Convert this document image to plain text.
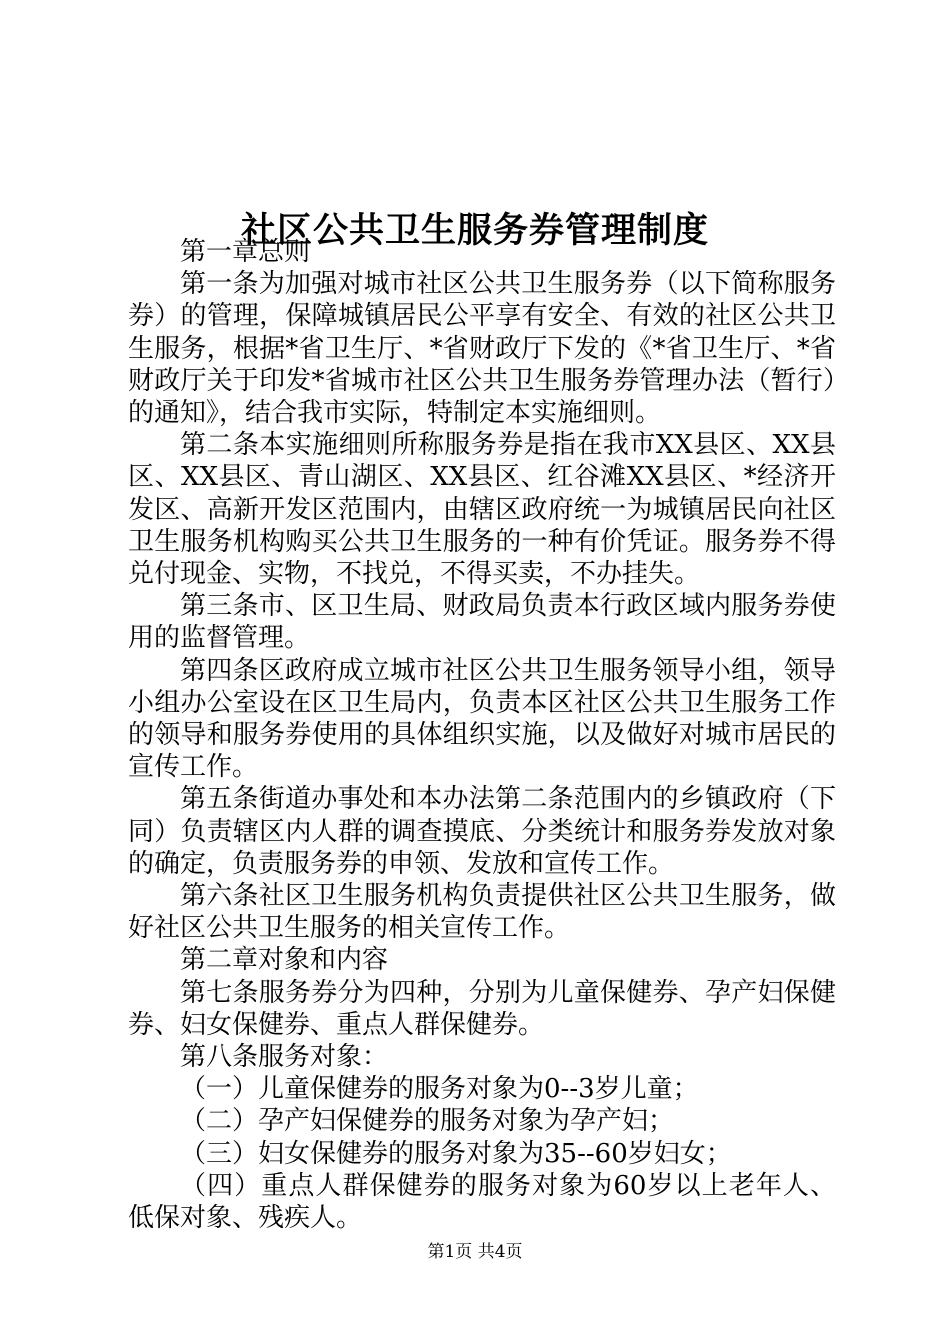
社区公共卫生服务券管理制度

第一章总则

第一条为加强对城市社区公共卫生服务券（以下简称服务券）的管理，保障城镇居民公平享有安全、有效的社区公共卫生服务，根据*省卫生厅、*省财政厅下发的《*省卫生厅、*省财政厅关于印发*省城市社区公共卫生服务券管理办法（暂行）的通知》，结合我市实际，特制定本实施细则。

第二条本实施细则所称服务券是指在我市XX县区、XX县区、XX县区、青山湖区、XX县区、红谷滩XX县区、*经济开发区、高新开发区范围内，由辖区政府统一为城镇居民向社区卫生服务机构购买公共卫生服务的一种有价凭证。服务券不得兑付现金、实物，不找兑，不得买卖，不办挂失。

第三条市、区卫生局、财政局负责本行政区域内服务券使用的监督管理。

第四条区政府成立城市社区公共卫生服务领导小组，领导小组办公室设在区卫生局内，负责本区社区公共卫生服务工作的领导和服务券使用的具体组织实施，以及做好对城市居民的宣传工作。

第五条街道办事处和本办法第二条范围内的乡镇政府（下同）负责辖区内人群的调查摸底、分类统计和服务券发放对象的确定，负责服务券的申领、发放和宣传工作。

第六条社区卫生服务机构负责提供社区公共卫生服务，做好社区公共卫生服务的相关宣传工作。

第二章对象和内容

第七条服务券分为四种，分别为儿童保健券、孕产妇保健券、妇女保健券、重点人群保健券。

第八条服务对象：

（一）儿童保健券的服务对象为0--3岁儿童；

（二）孕产妇保健券的服务对象为孕产妇；

（三）妇女保健券的服务对象为35--60岁妇女；

（四）重点人群保健券的服务对象为60岁以上老年人、低保对象、残疾人。

第1页 共4页
